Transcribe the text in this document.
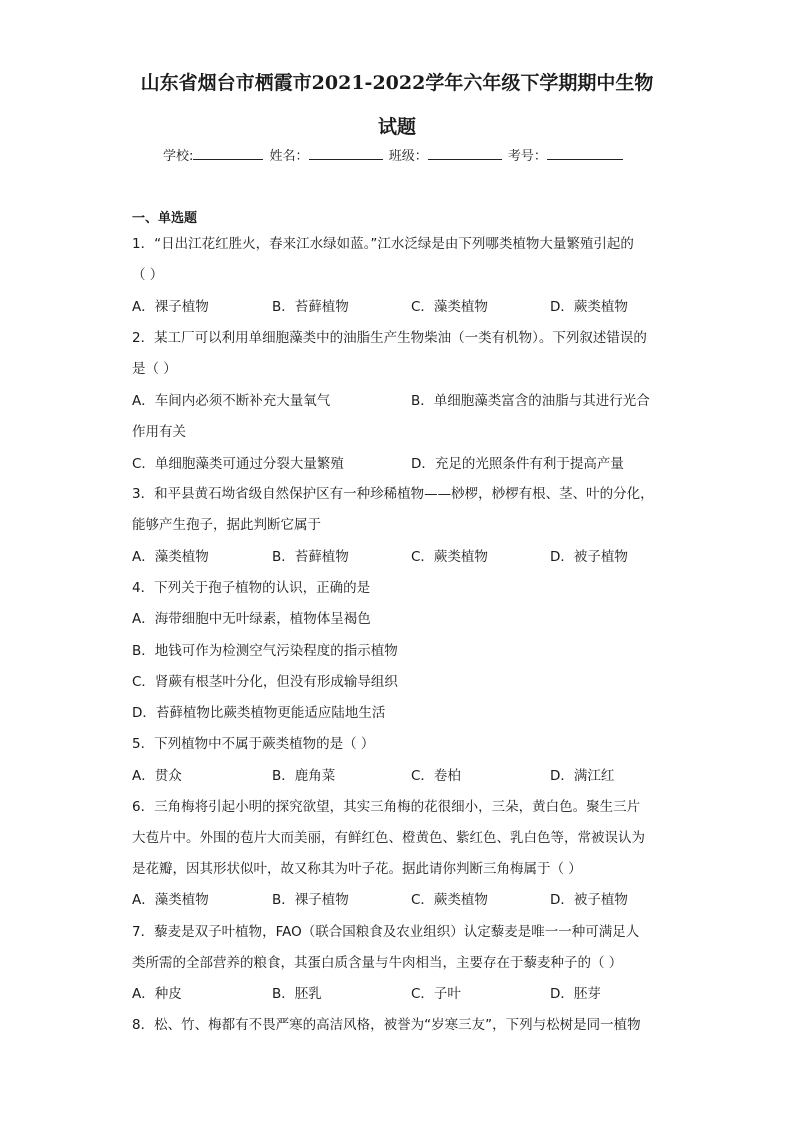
山东省烟台市栖霞市2021-2022学年六年级下学期期中生物
试题
学校:	姓名：	班级：	考号：
一、单选题
1．“日出江花红胜火，春来江水绿如蓝。”江水泛绿是由下列哪类植物大量繁殖引起的
（ ）
A．裸子植物	B．苔藓植物	C．藻类植物	D．蕨类植物
2．某工厂可以利用单细胞藻类中的油脂生产生物柴油（一类有机物）。下列叙述错误的
是（ ）
A．车间内必须不断补充大量氧气	B．单细胞藻类富含的油脂与其进行光合
作用有关
C．单细胞藻类可通过分裂大量繁殖	D．充足的光照条件有利于提高产量
3．和平县黄石坳省级自然保护区有一种珍稀植物——桫椤，桫椤有根、茎、叶的分化，
能够产生孢子，据此判断它属于
A．藻类植物	B．苔藓植物	C．蕨类植物	D．被子植物
4．下列关于孢子植物的认识，正确的是
A．海带细胞中无叶绿素，植物体呈褐色
B．地钱可作为检测空气污染程度的指示植物
C．肾蕨有根茎叶分化，但没有形成输导组织
D．苔藓植物比蕨类植物更能适应陆地生活
5．下列植物中不属于蕨类植物的是（ ）
A．贯众	B．鹿角菜	C．卷柏	D．满江红
6．三角梅将引起小明的探究欲望，其实三角梅的花很细小，三朵，黄白色。聚生三片
大苞片中。外围的苞片大而美丽，有鲜红色、橙黄色、紫红色、乳白色等，常被误认为
是花瓣，因其形状似叶，故又称其为叶子花。据此请你判断三角梅属于（ ）
A．藻类植物	B．裸子植物	C．蕨类植物	D．被子植物
7．藜麦是双子叶植物，FAO（联合国粮食及农业组织）认定藜麦是唯一一种可满足人
类所需的全部营养的粮食，其蛋白质含量与牛肉相当，主要存在于藜麦种子的（ ）
A．种皮	B．胚乳	C．子叶	D．胚芽
8．松、竹、梅都有不畏严寒的高洁风格，被誉为“岁寒三友”，下列与松树是同一植物
